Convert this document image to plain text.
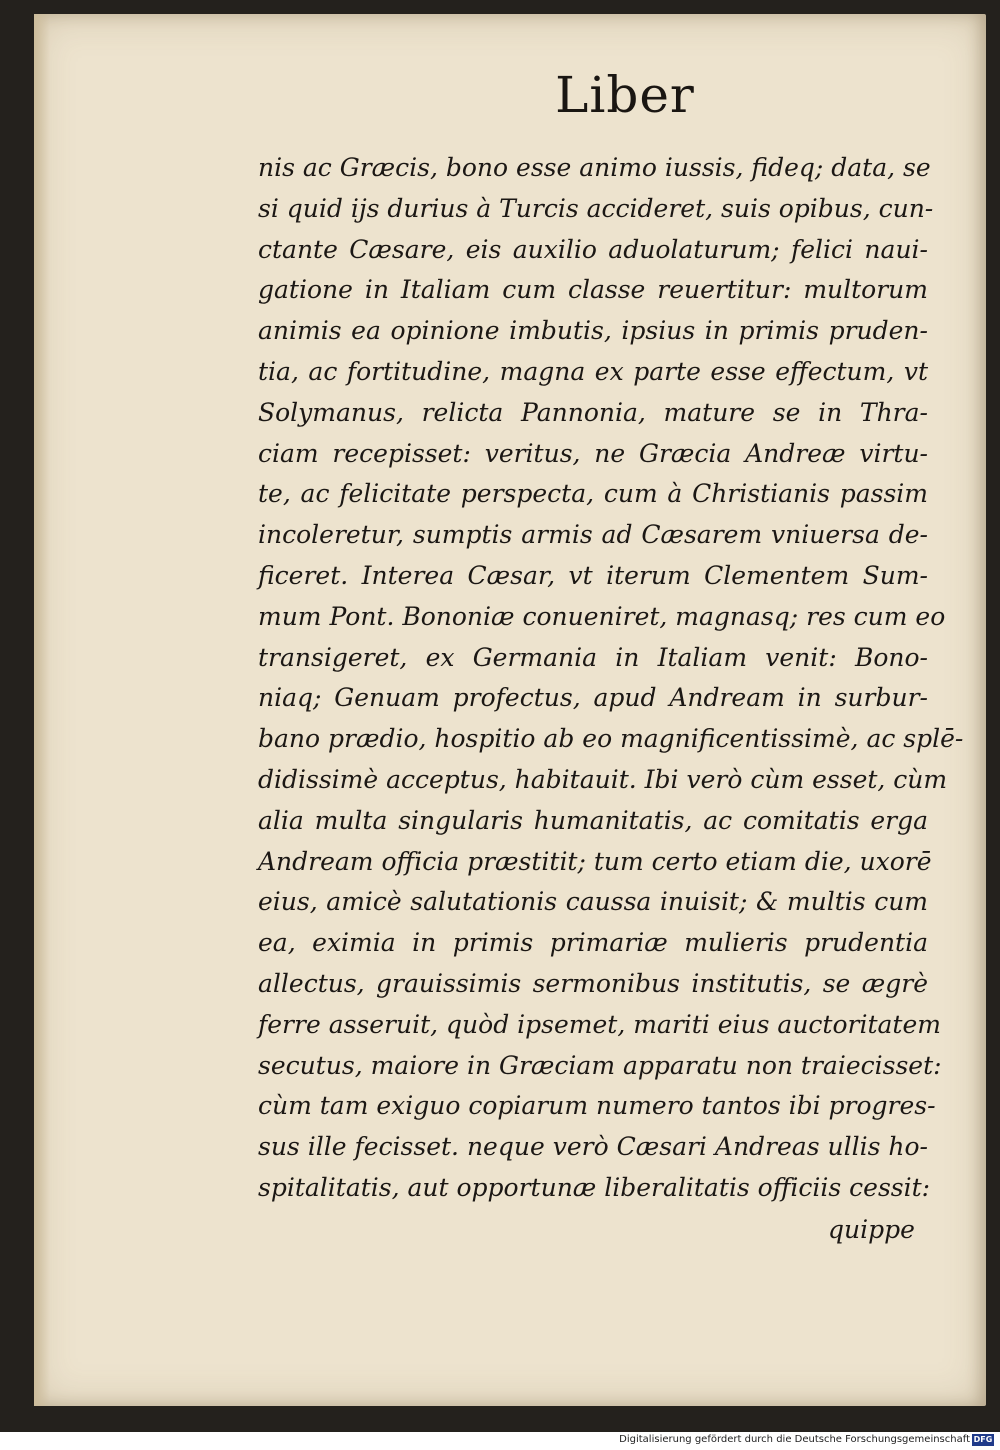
Liber
nis ac Græcis, bono esse animo iussis, fideq; data, se
si quid ijs durius à Turcis accideret, suis opibus, cun-
ctante Cæsare, eis auxilio aduolaturum; felici naui-
gatione in Italiam cum classe reuertitur: multorum
animis ea opinione imbutis, ipsius in primis pruden-
tia, ac fortitudine, magna ex parte esse effectum, vt
Solymanus, relicta Pannonia, mature se in Thra-
ciam recepisset: veritus, ne Græcia Andreæ virtu-
te, ac felicitate perspecta, cum à Christianis passim
incoleretur, sumptis armis ad Cæsarem vniuersa de-
ficeret. Interea Cæsar, vt iterum Clementem Sum-
mum Pont. Bononiæ conueniret, magnasq; res cum eo
transigeret, ex Germania in Italiam venit: Bono-
niaq; Genuam profectus, apud Andream in surbur-
bano prædio, hospitio ab eo magnificentissimè, ac splē-
didissimè acceptus, habitauit. Ibi verò cùm esset, cùm
alia multa singularis humanitatis, ac comitatis erga
Andream officia præstitit; tum certo etiam die, uxorē
eius, amicè salutationis caussa inuisit; & multis cum
ea, eximia in primis primariæ mulieris prudentia
allectus, grauissimis sermonibus institutis, se ægrè
ferre asseruit, quòd ipsemet, mariti eius auctoritatem
secutus, maiore in Græciam apparatu non traiecisset:
cùm tam exiguo copiarum numero tantos ibi progres-
sus ille fecisset. neque verò Cæsari Andreas ullis ho-
spitalitatis, aut opportunæ liberalitatis officiis cessit:
quippe
Digitalisierung gefördert durch die Deutsche Forschungsgemeinschaft DFG
